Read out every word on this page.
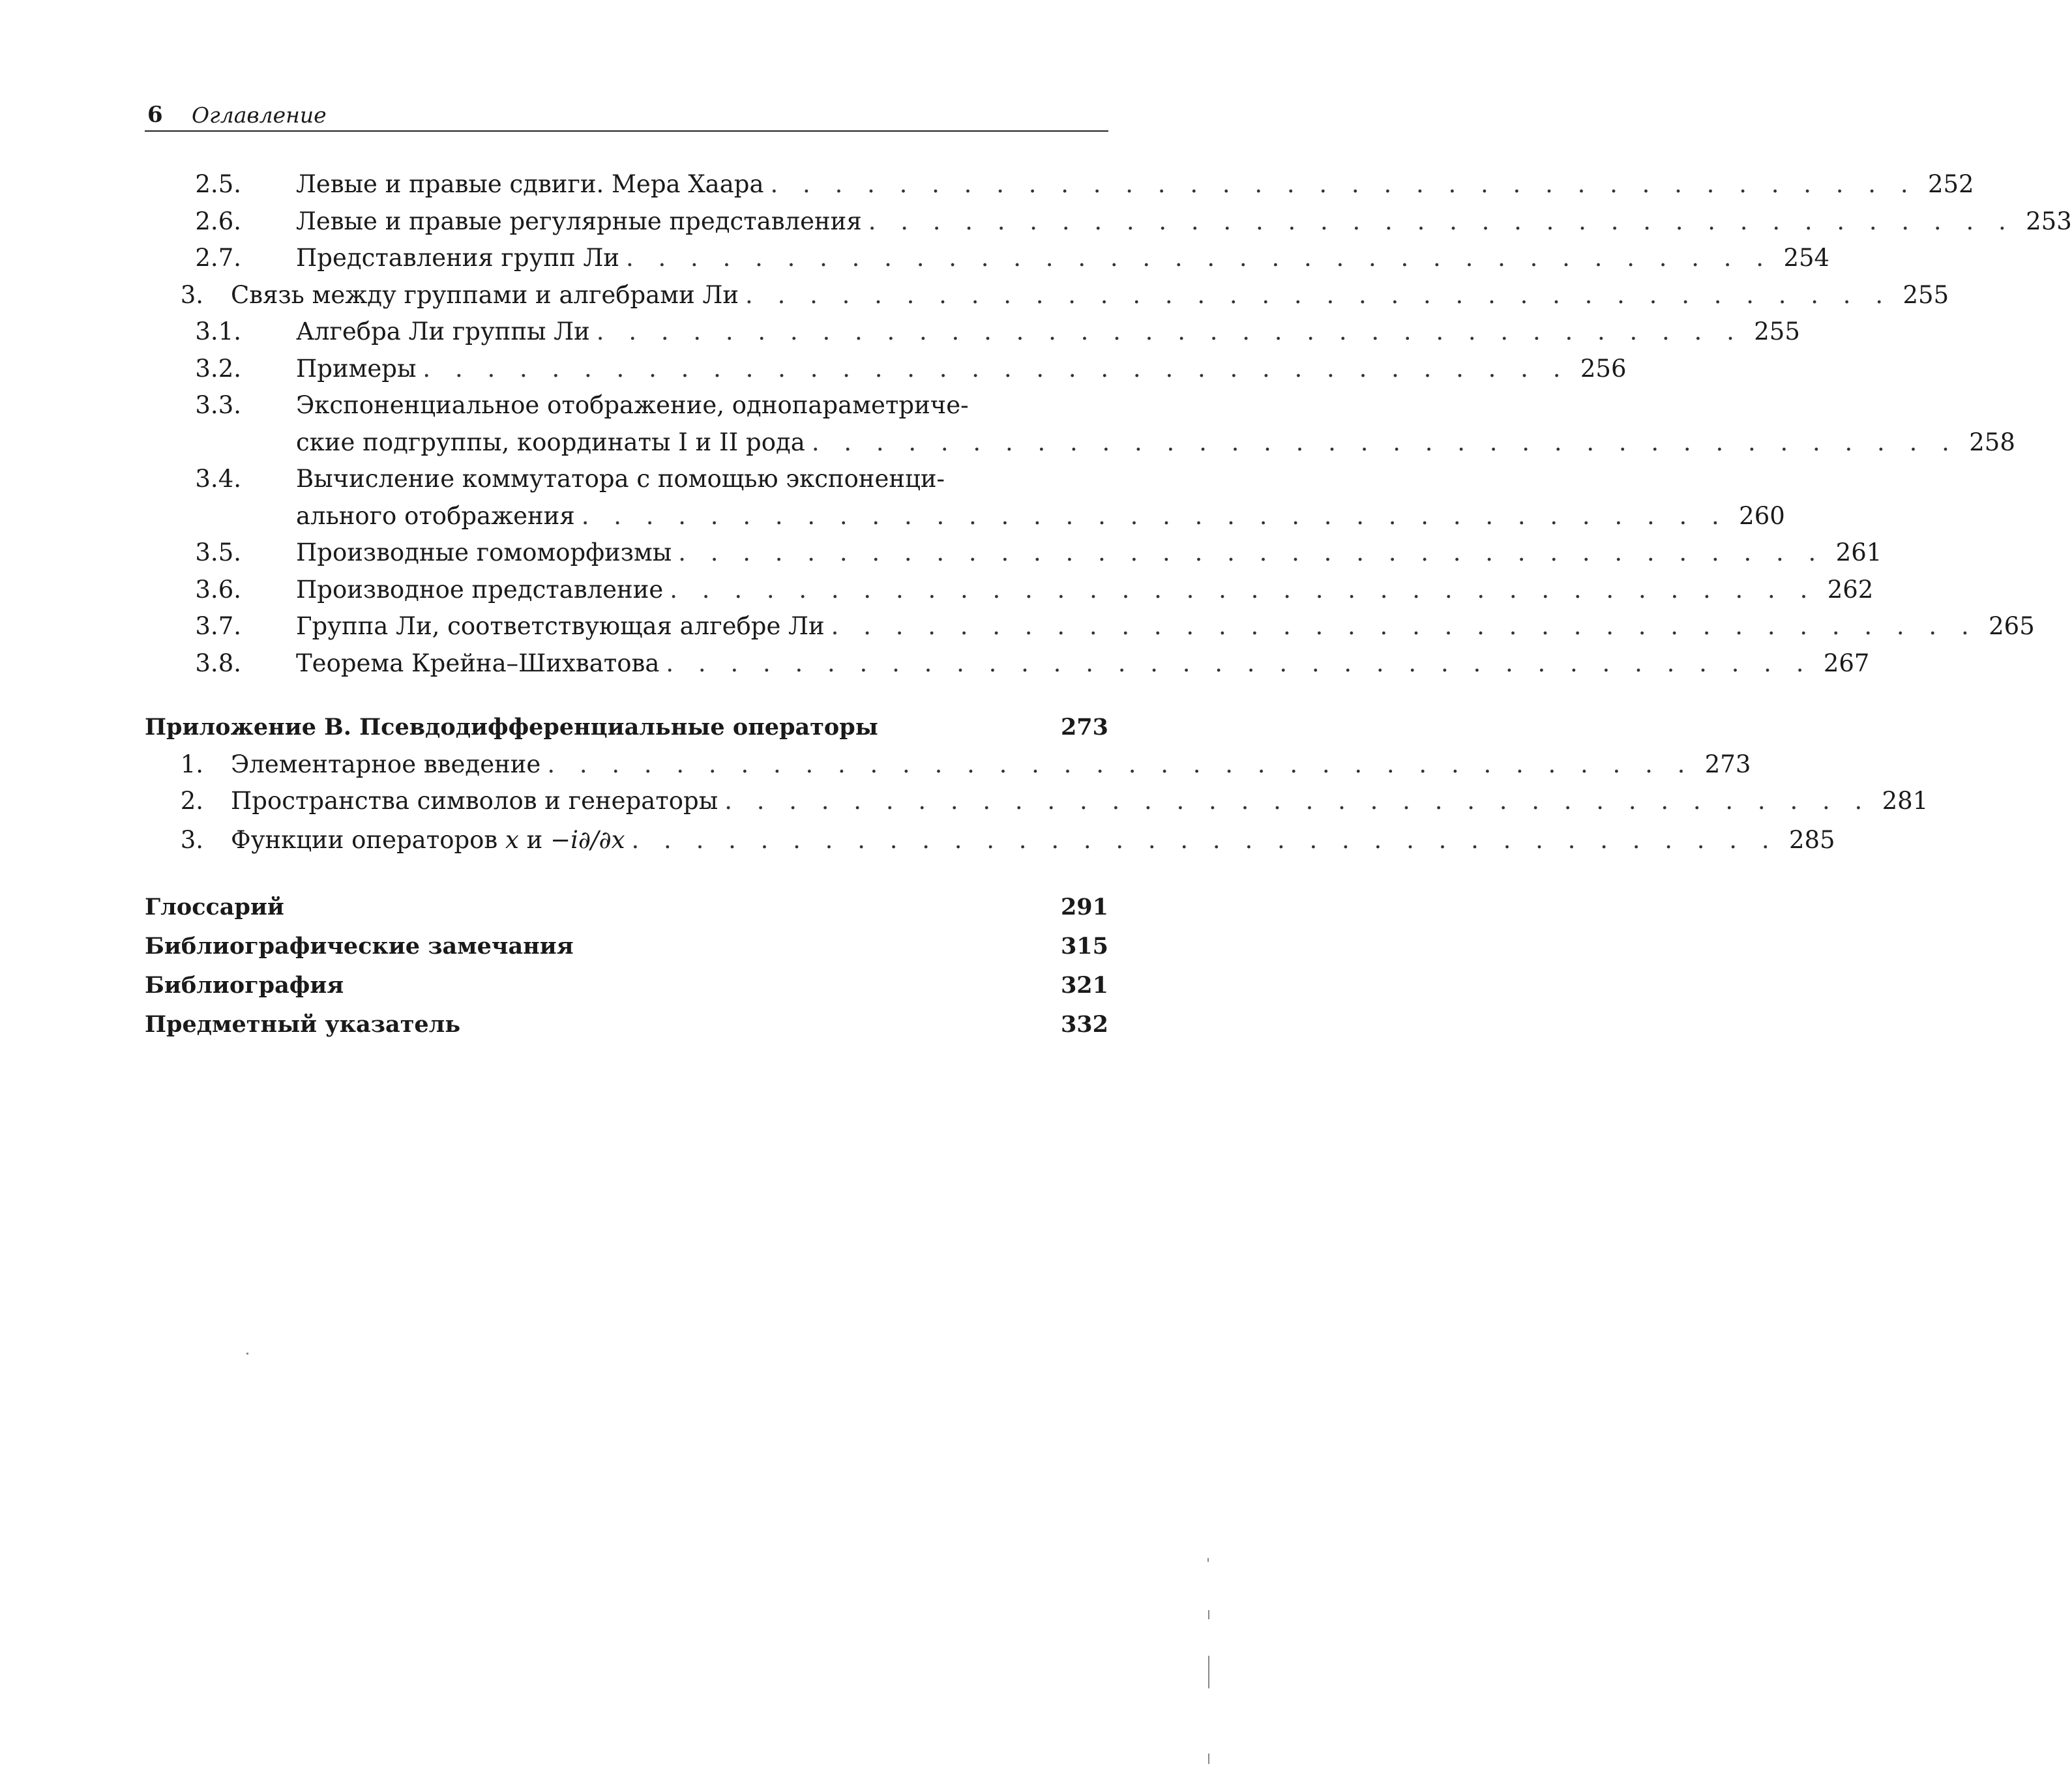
6 Оглавление
2.5. Левые и правые сдвиги. Мера Хаара . . . . . . . . . . . . . . . . . . . . . . . . . . . . . . . . . . . . 252
2.6. Левые и правые регулярные представления . . . . . . . . . . . . . . . . . . . . . . . . . . . . . . . . . . . . 253
2.7. Представления групп Ли . . . . . . . . . . . . . . . . . . . . . . . . . . . . . . . . . . . . 254
3. Связь между группами и алгебрами Ли . . . . . . . . . . . . . . . . . . . . . . . . . . . . . . . . . . . . 255
3.1. Алгебра Ли группы Ли . . . . . . . . . . . . . . . . . . . . . . . . . . . . . . . . . . . . 255
3.2. Примеры . . . . . . . . . . . . . . . . . . . . . . . . . . . . . . . . . . . . 256
3.3. Экспоненциальное отображение, однопараметриче-
ские подгруппы, координаты I и II рода . . . . . . . . . . . . . . . . . . . . . . . . . . . . . . . . . . . . 258
3.4. Вычисление коммутатора с помощью экспоненци-
ального отображения . . . . . . . . . . . . . . . . . . . . . . . . . . . . . . . . . . . . 260
3.5. Производные гомоморфизмы . . . . . . . . . . . . . . . . . . . . . . . . . . . . . . . . . . . . 261
3.6. Производное представление . . . . . . . . . . . . . . . . . . . . . . . . . . . . . . . . . . . . 262
3.7. Группа Ли, соответствующая алгебре Ли . . . . . . . . . . . . . . . . . . . . . . . . . . . . . . . . . . . . 265
3.8. Теорема Крейна–Шихватова . . . . . . . . . . . . . . . . . . . . . . . . . . . . . . . . . . . . 267
Приложение B. Псевдодифференциальные операторы	273
1. Элементарное введение . . . . . . . . . . . . . . . . . . . . . . . . . . . . . . . . . . . . 273
2. Пространства символов и генераторы . . . . . . . . . . . . . . . . . . . . . . . . . . . . . . . . . . . . 281
3. Функции операторов x и −i∂/∂x . . . . . . . . . . . . . . . . . . . . . . . . . . . . . . . . . . . . 285
Глоссарий	291
Библиографические замечания	315
Библиография	321
Предметный указатель	332
